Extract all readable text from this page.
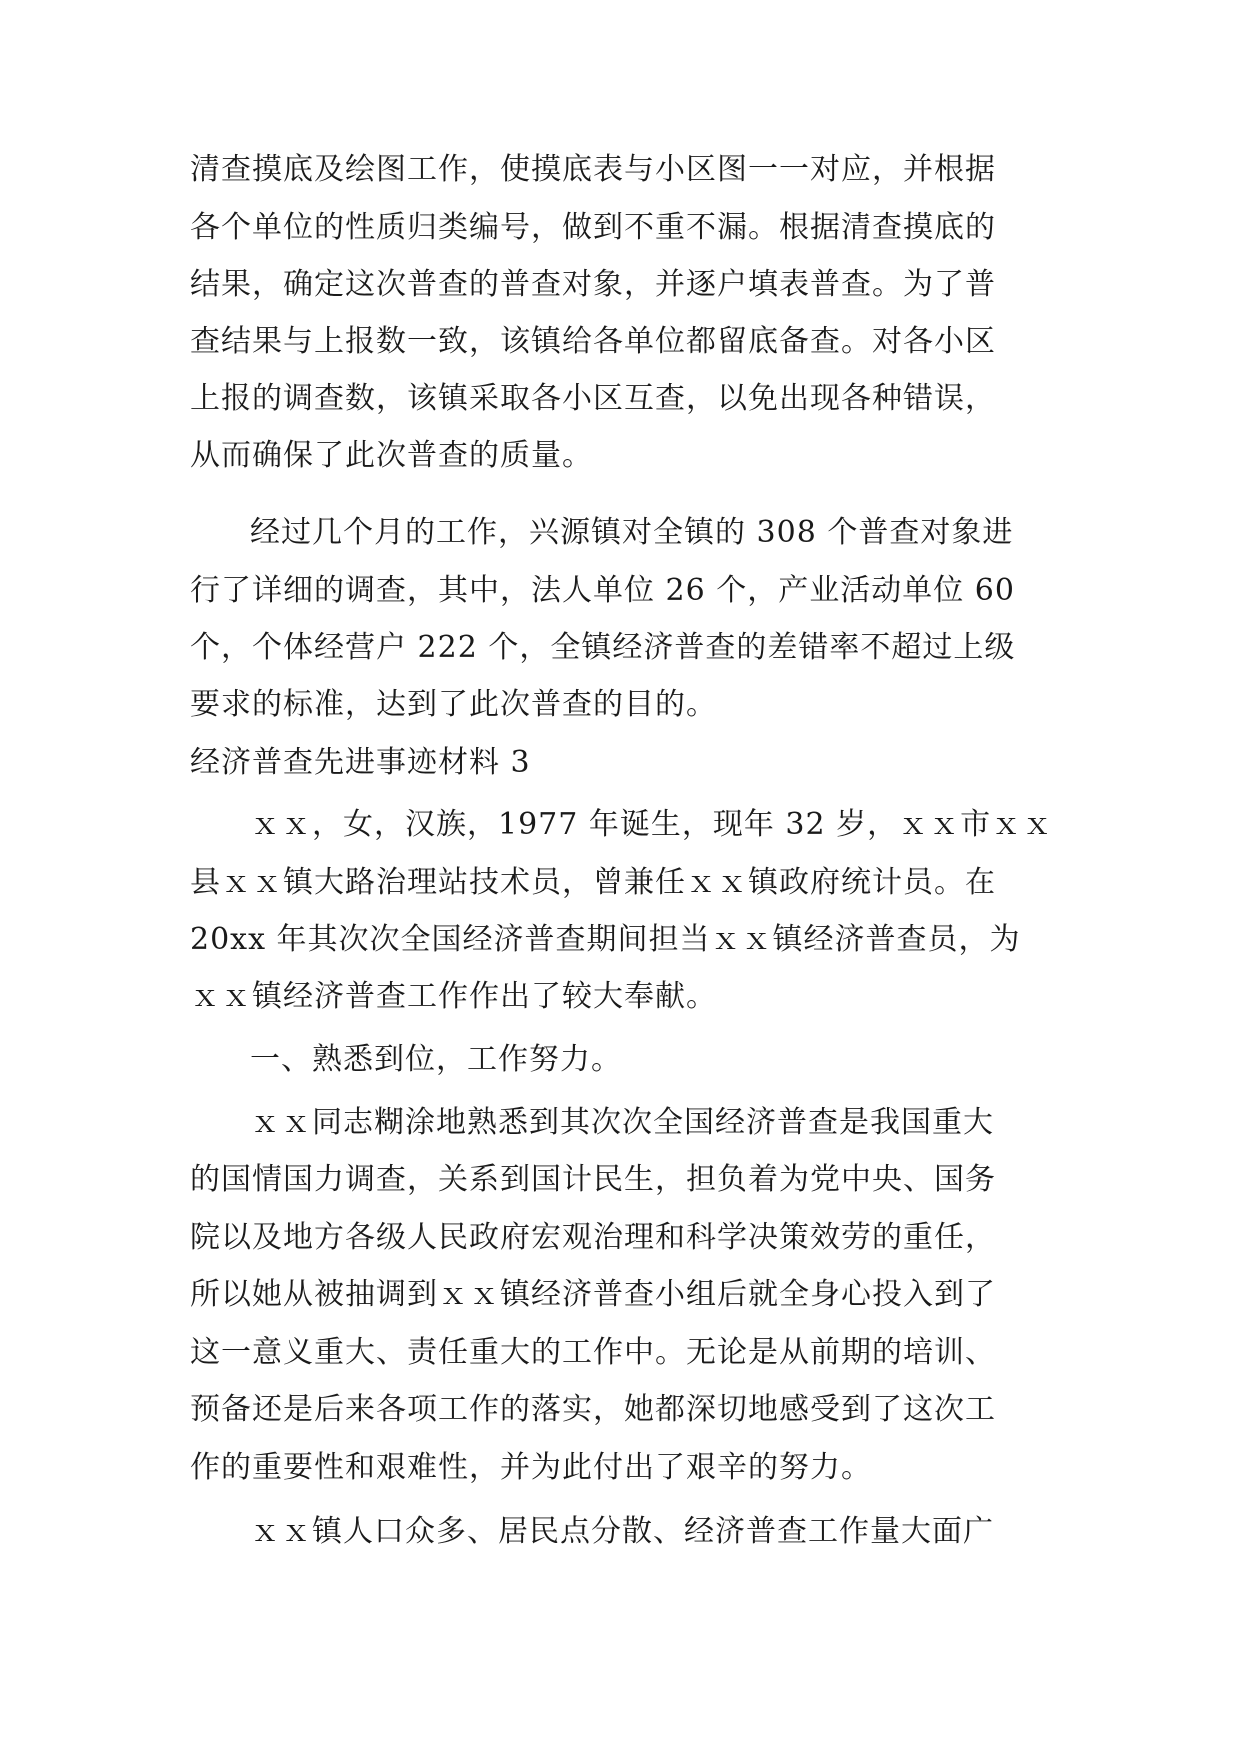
清查摸底及绘图工作，使摸底表与小区图一一对应，并根据
各个单位的性质归类编号，做到不重不漏。根据清查摸底的
结果，确定这次普查的普查对象，并逐户填表普查。为了普
查结果与上报数一致，该镇给各单位都留底备查。对各小区
上报的调查数，该镇采取各小区互查，以免出现各种错误，
从而确保了此次普查的质量。
经过几个月的工作，兴源镇对全镇的 308 个普查对象进
行了详细的调查，其中，法人单位 26 个，产业活动单位 60
个，个体经营户 222 个，全镇经济普查的差错率不超过上级
要求的标准，达到了此次普查的目的。
经济普查先进事迹材料 3
ｘｘ，女，汉族，1977 年诞生，现年 32 岁，ｘｘ市ｘｘ
县ｘｘ镇大路治理站技术员，曾兼任ｘｘ镇政府统计员。在
20xx 年其次次全国经济普查期间担当ｘｘ镇经济普查员，为
ｘｘ镇经济普查工作作出了较大奉献。
一、熟悉到位，工作努力。
ｘｘ同志糊涂地熟悉到其次次全国经济普查是我国重大
的国情国力调查，关系到国计民生，担负着为党中央、国务
院以及地方各级人民政府宏观治理和科学决策效劳的重任，
所以她从被抽调到ｘｘ镇经济普查小组后就全身心投入到了
这一意义重大、责任重大的工作中。无论是从前期的培训、
预备还是后来各项工作的落实，她都深切地感受到了这次工
作的重要性和艰难性，并为此付出了艰辛的努力。
ｘｘ镇人口众多、居民点分散、经济普查工作量大面广
